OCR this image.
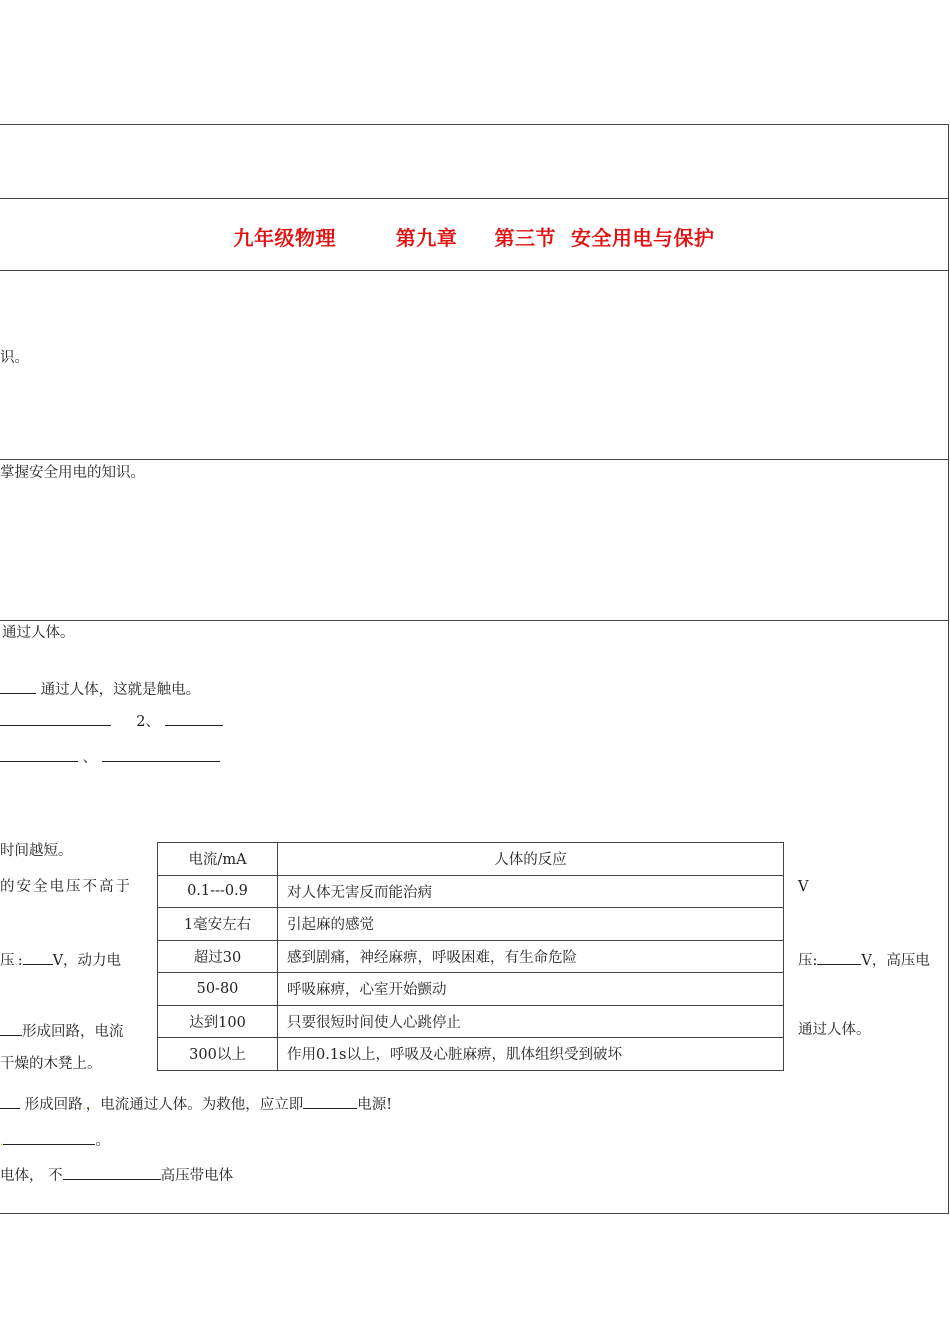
九年级物理        第九章     第三节  安全用电与保护
识。
掌握安全用电的知识。
通过人体。
通过人体，这就是触电。
2、
、
时间越短。
的安全电压不高于	V
压.: V，动力电	压:	V，高压电
形成回路，电流	通过人体。
干燥的木凳上。
形成回路.，电流通过人体。为救他，应立即	电源!
.	。
电体， 不	高压带电体
电流/mA	人体的反应
0.1---0.9	对人体无害反而能治病
1毫安左右	引起麻的感觉
超过30	感到剧痛，神经麻痹，呼吸困难，有生命危险
50-80	呼吸麻痹，心室开始颤动
达到100	只要很短时间使人心跳停止
300以上	作用0.1s以上，呼吸及心脏麻痹，肌体组织受到破坏
